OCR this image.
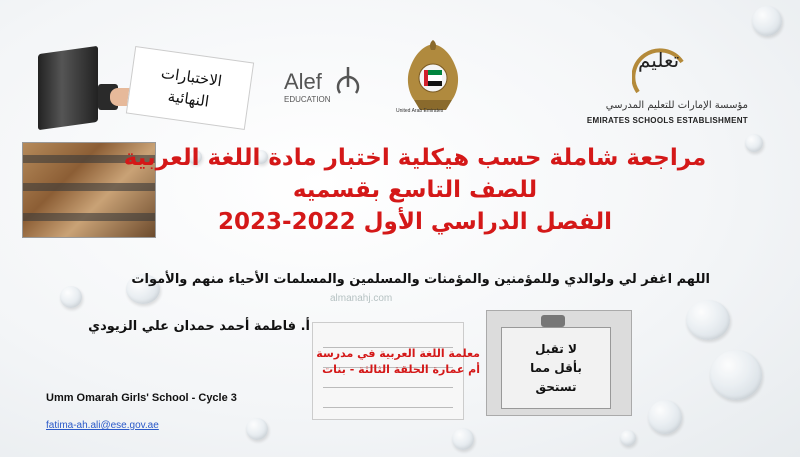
الاختبارات
النهائية
Alef
EDUCATION
United Arab Emirates
تعليم
مؤسسة الإمارات للتعليم المدرسي
EMIRATES SCHOOLS ESTABLISHMENT
مراجعة شاملة حسب هيكلية اختبار مادة اللغة العربية
للصف التاسع بقسميه
الفصل الدراسي الأول 2022-2023
اللهم اغفر لي ولوالدي وللمؤمنين والمؤمنات والمسلمين والمسلمات الأحياء منهم والأموات
almanahj.com
أ. فاطمة أحمد حمدان علي الزيودي
معلمة اللغة العربية في مدرسة أم عمارة الحلقة الثالثة - بنات
Umm Omarah Girls' School - Cycle 3
fatima-ah.ali@ese.gov.ae
لا تقبل
بأقل مما
تستحق
